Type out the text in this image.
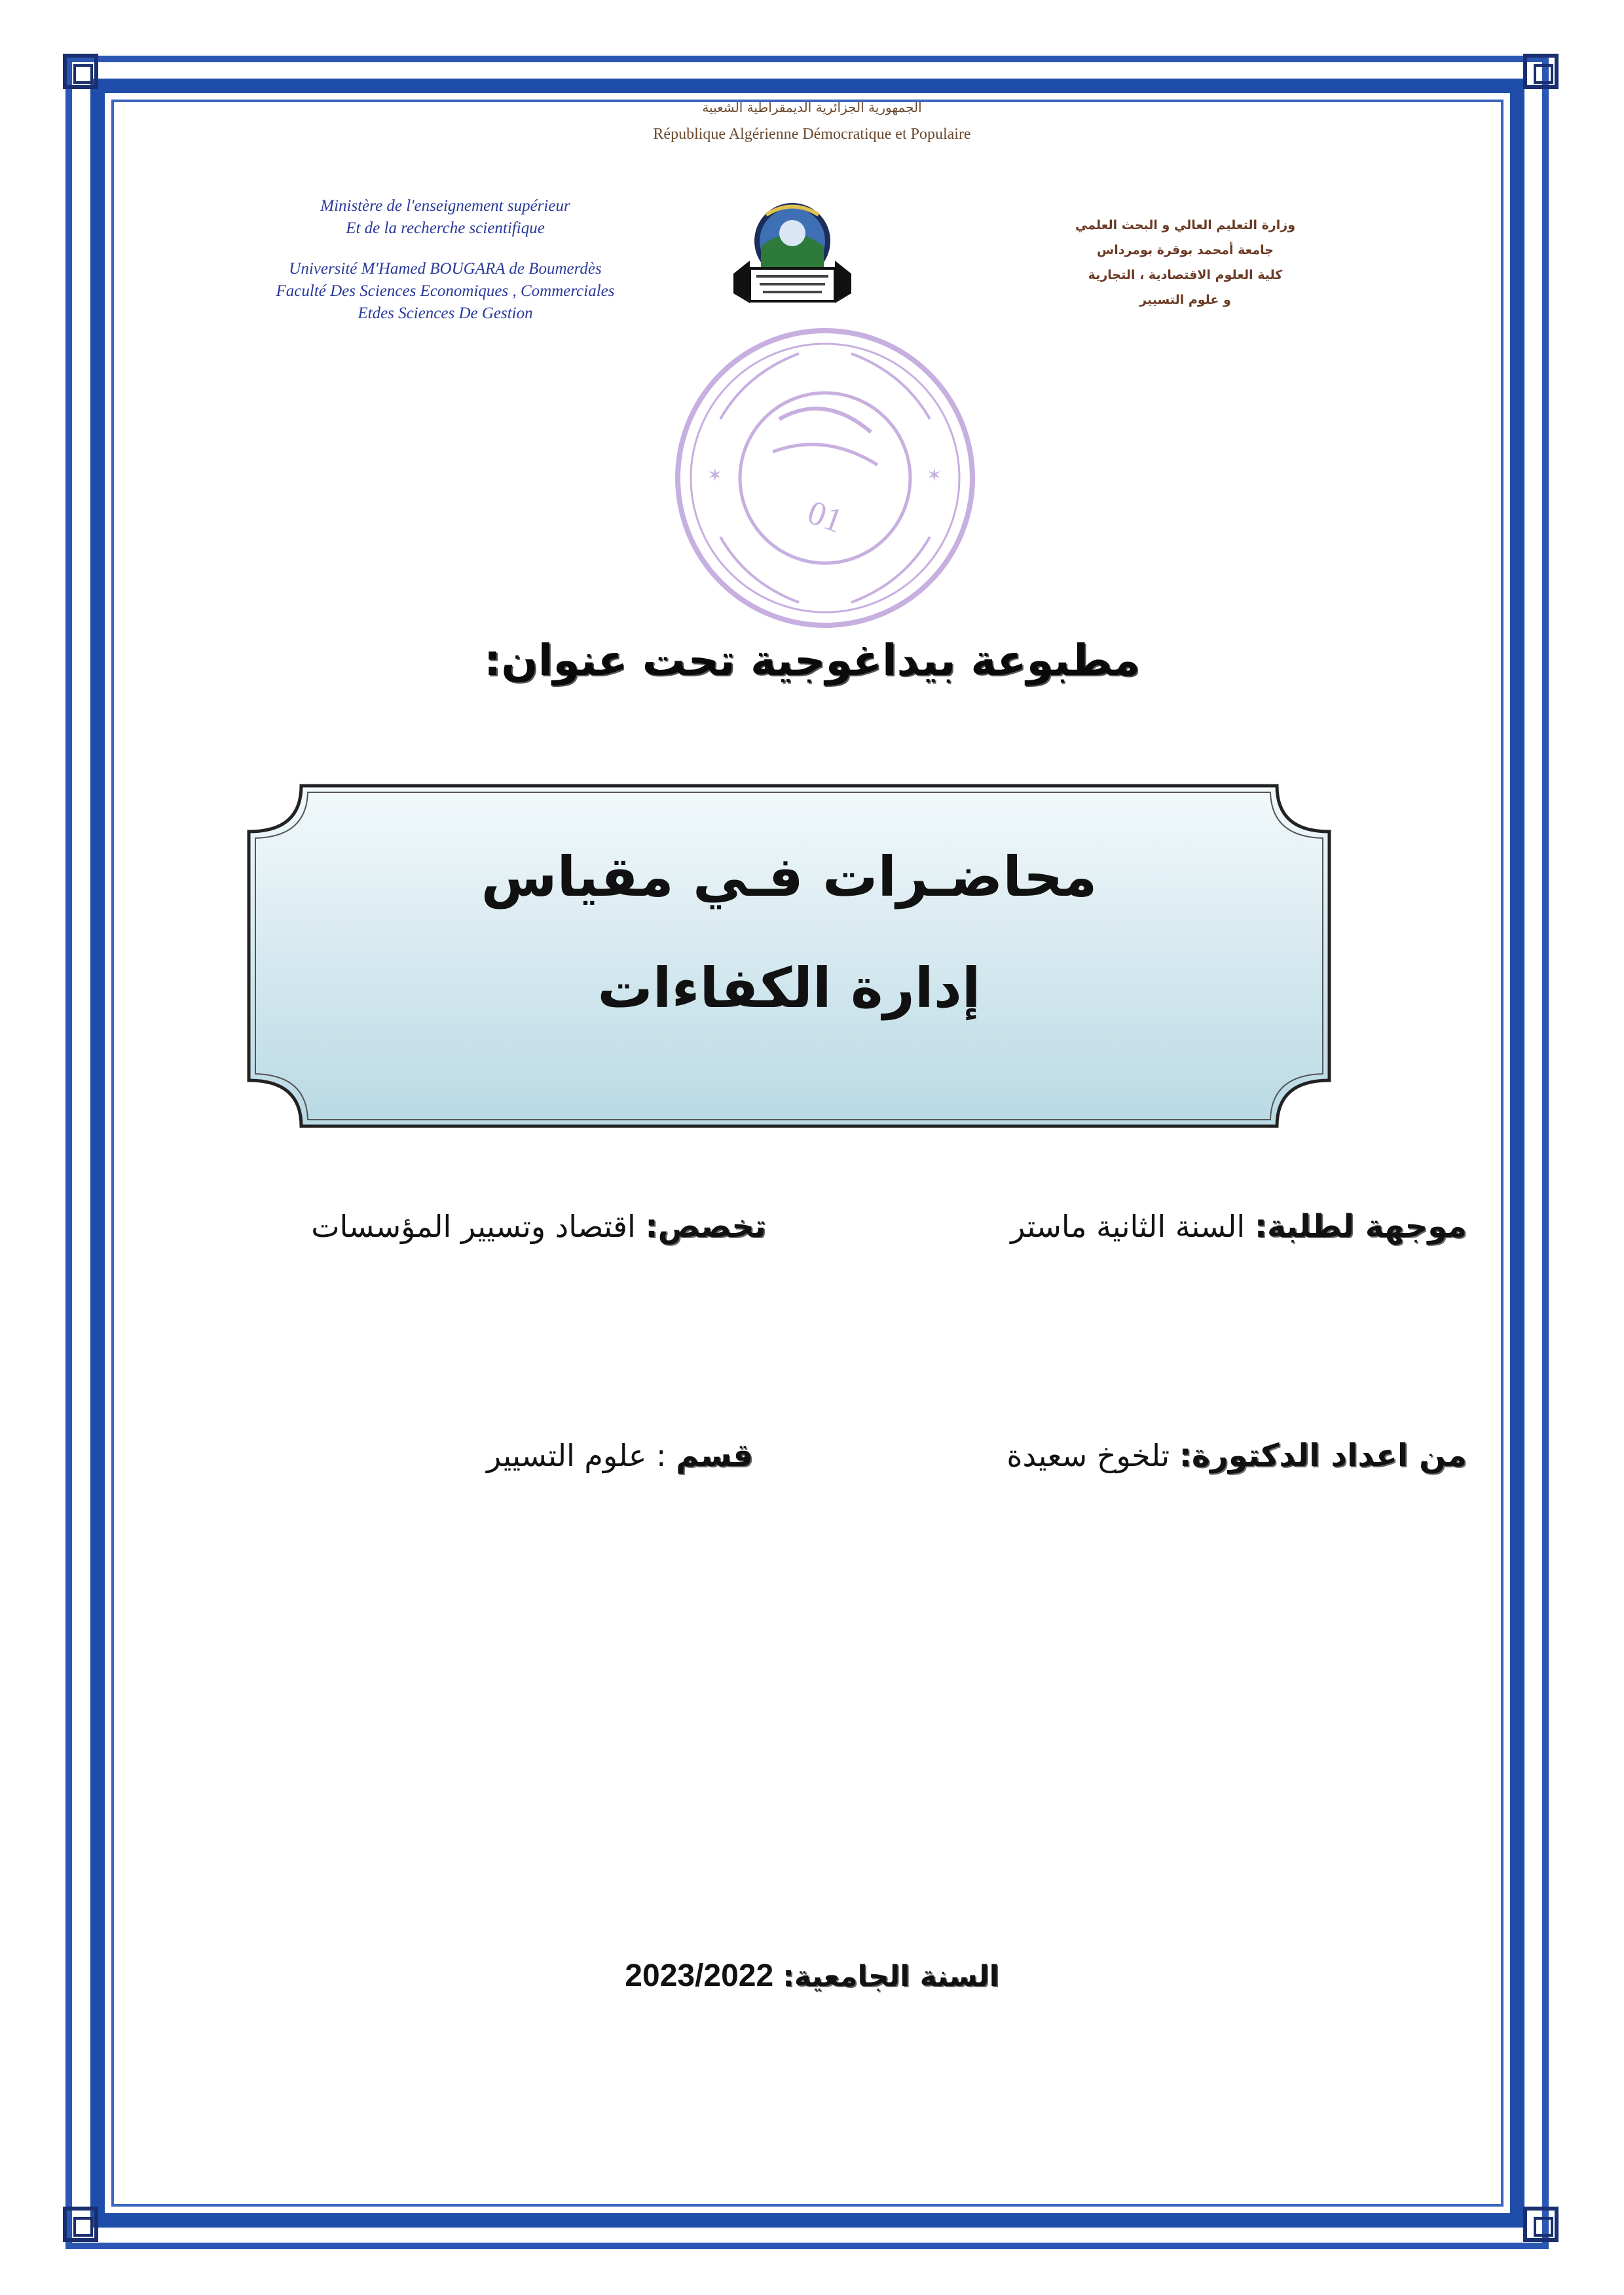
الجمهورية الجزائرية الديمقراطية الشعبية
République Algérienne Démocratique et Populaire
Ministère de l'enseignement supérieur
Et de la recherche scientifique
Université M'Hamed BOUGARA de Boumerdès
Faculté Des Sciences Economiques , Commerciales
Etdes Sciences De Gestion
وزارة التعليم العالي و البحث العلمي
جامعة أمحمد بوقرة بومرداس
كلية العلوم الاقتصادية ، التجارية
و علوم التسيير
✶	✶
01
مطبوعة بيداغوجية تحت عنوان:
محاضـرات فـي مقياس
إدارة الكفاءات
موجهة لطلبة: السنة الثانية ماستر
تخصص: اقتصاد وتسيير المؤسسات
من اعداد الدكتورة: تلخوخ سعيدة
قسم : علوم التسيير
السنة الجامعية: 2023/2022
